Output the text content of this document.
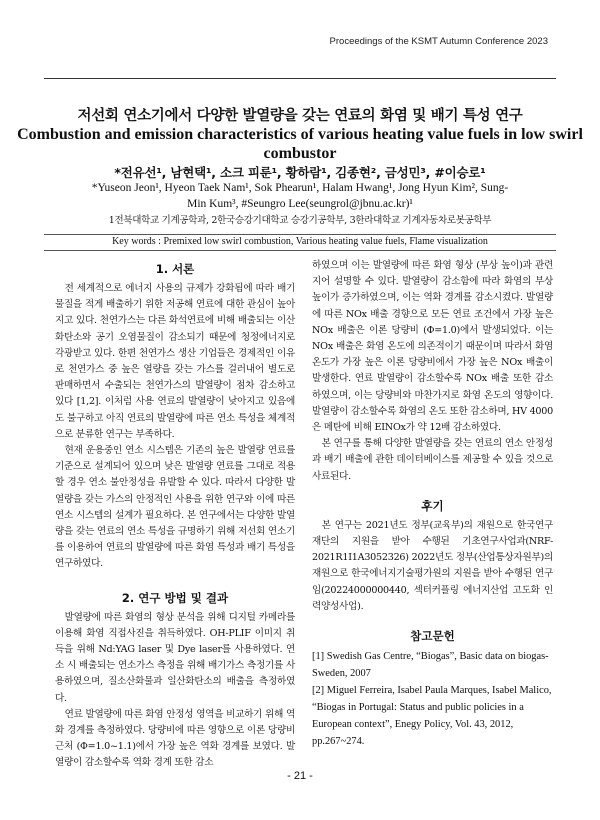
Proceedings of the KSMT Autumn Conference 2023
저선회 연소기에서 다양한 발열량을 갖는 연료의 화염 및 배기 특성 연구
Combustion and emission characteristics of various heating value fuels in low swirl combustor
*전유선¹, 남현택¹, 소크 피룬¹, 황하람¹, 김종현², 금성민³, #이승로¹
*Yuseon Jeon¹, Hyeon Taek Nam¹, Sok Phearun¹, Halam Hwang¹, Jong Hyun Kim², Sung-Min Kum³, #Seungro Lee(seungrol@jbnu.ac.kr)¹
1전북대학교 기계공학과, 2한국승강기대학교 승강기공학부, 3한라대학교 기계자동차로봇공학부
Key words : Premixed low swirl combustion, Various heating value fuels, Flame visualization
1. 서론

전 세계적으로 에너지 사용의 규제가 강화됨에 따라 배기물질을 적게 배출하기 위한 저공해 연료에 대한 관심이 높아지고 있다. 천연가스는 다른 화석연료에 비해 배출되는 이산화탄소와 공기 오염물질이 감소되기 때문에 청정에너지로 각광받고 있다. 한편 천연가스 생산 기업들은 경제적인 이유로 천연가스 중 높은 열량을 갖는 가스를 걸러내어 별도로 판매하면서 수출되는 천연가스의 발열량이 점차 감소하고 있다 [1,2]. 이처럼 사용 연료의 발열량이 낮아지고 있음에도 불구하고 아직 연료의 발열량에 따른 연소 특성을 체계적으로 분류한 연구는 부족하다.

현재 운용중인 연소 시스템은 기존의 높은 발열량 연료를 기준으로 설계되어 있으며 낮은 발열량 연료를 그대로 적용할 경우 연소 불안정성을 유발할 수 있다. 따라서 다양한 발열량을 갖는 가스의 안정적인 사용을 위한 연구와 이에 따른 연소 시스템의 설계가 필요하다. 본 연구에서는 다양한 발열량을 갖는 연료의 연소 특성을 규명하기 위해 저선회 연소기를 이용하여 연료의 발열량에 따른 화염 특성과 배기 특성을 연구하였다.

2. 연구 방법 및 결과

발열량에 따른 화염의 형상 분석을 위해 디지털 카메라를 이용해 화염 직접사진을 취득하였다. OH-PLIF 이미지 취득을 위해 Nd:YAG laser 및 Dye laser를 사용하였다. 연소 시 배출되는 연소가스 측정을 위해 배기가스 측정기를 사용하였으며, 질소산화물과 일산화탄소의 배출을 측정하였다.

연료 발열량에 따른 화염 안정성 영역을 비교하기 위해 역화 경계를 측정하였다. 당량비에 따른 영향으로 이론 당량비 근처 (Φ=1.0~1.1)에서 가장 높은 역화 경계를 보였다. 발열량이 감소할수록 역화 경계 또한 감소

하였으며 이는 발열량에 따른 화염 형상 (부상 높이)과 관련지어 설명할 수 있다. 발열량이 감소함에 따라 화염의 부상 높이가 증가하였으며, 이는 역화 경계를 감소시켰다. 발열량에 따른 NOx 배출 경향으로 모든 연료 조건에서 가장 높은 NOx 배출은 이론 당량비 (Φ=1.0)에서 발생되었다. 이는 NOx 배출은 화염 온도에 의존적이기 때문이며 따라서 화염 온도가 가장 높은 이론 당량비에서 가장 높은 NOx 배출이 발생한다. 연료 발열량이 감소할수록 NOx 배출 또한 감소하였으며, 이는 당량비와 마찬가지로 화염 온도의 영향이다. 발열량이 감소할수록 화염의 온도 또한 감소하며, HV 4000은 메탄에 비해 EINOx가 약 12배 감소하였다.

본 연구를 통해 다양한 발열량을 갖는 연료의 연소 안정성과 배기 배출에 관한 데이터베이스를 제공할 수 있을 것으로 사료된다.

후기

본 연구는 2021년도 정부(교육부)의 재원으로 한국연구재단의 지원을 받아 수행된 기초연구사업과(NRF-2021R1I1A3052326) 2022년도 정부(산업통상자원부)의 재원으로 한국에너지기술평가원의 지원을 받아 수행된 연구임(20224000000440, 섹터커플링 에너지산업 고도화 인력양성사업).

참고문헌

[1] Swedish Gas Centre, “Biogas”, Basic data on biogas-Sweden, 2007

[2] Miguel Ferreira, Isabel Paula Marques, Isabel Malico, “Biogas in Portugal: Status and public policies in a European context”, Enegy Policy, Vol. 43, 2012, pp.267~274.

- 21 -
